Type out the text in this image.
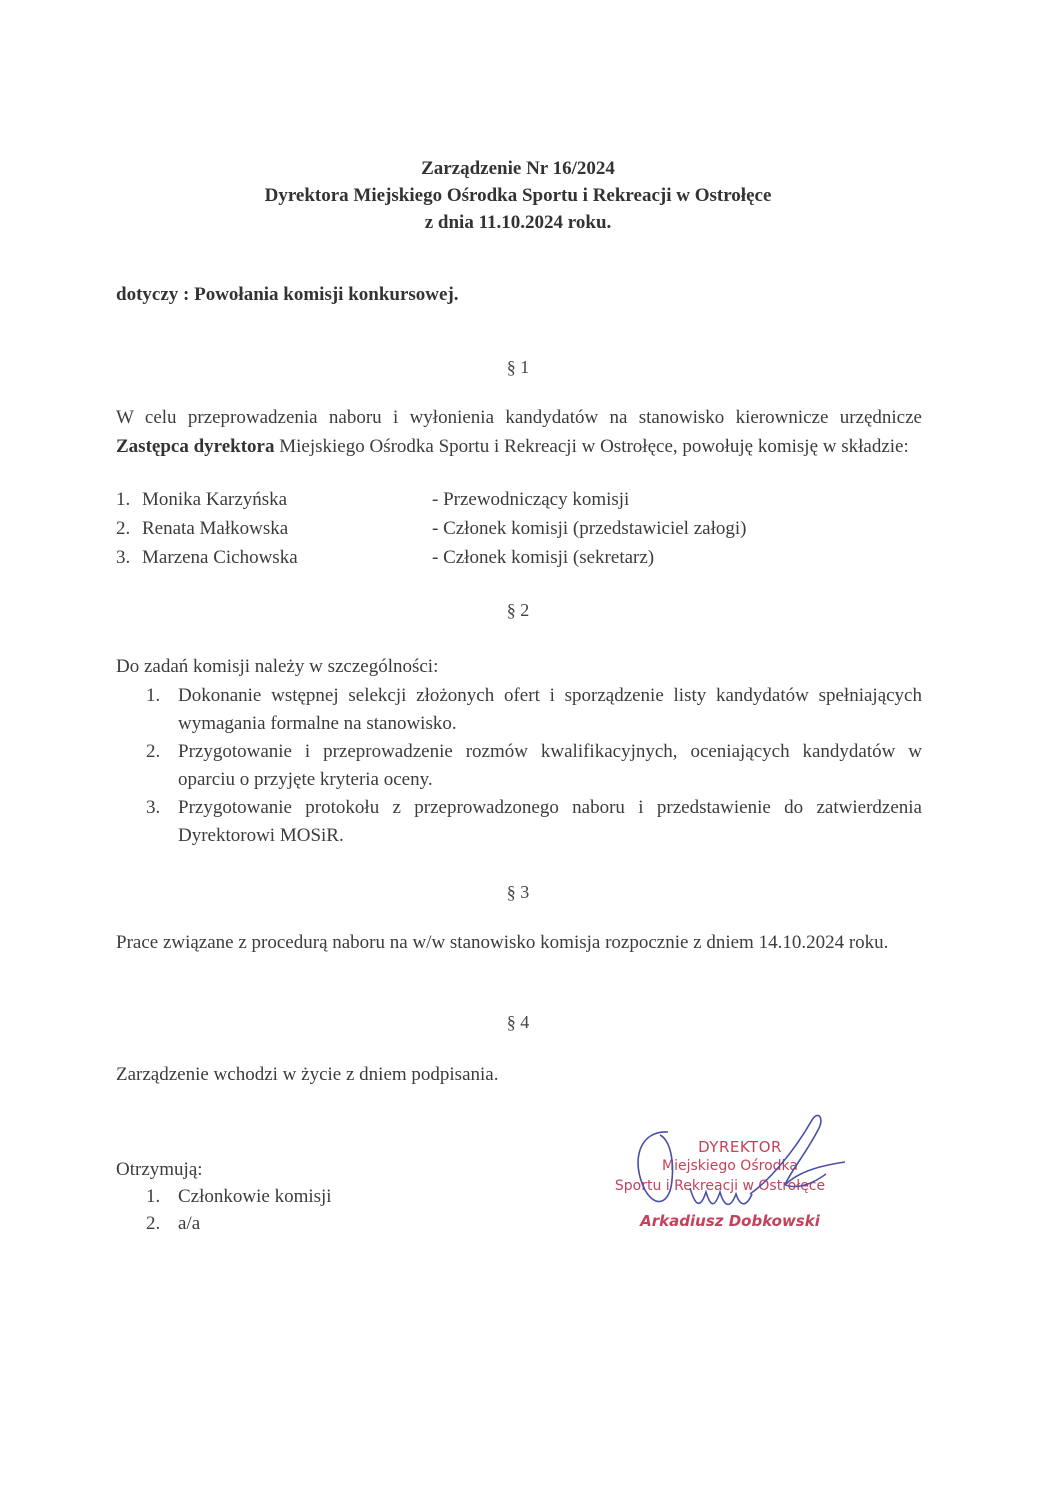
Zarządzenie Nr 16/2024
Dyrektora Miejskiego Ośrodka Sportu i Rekreacji w Ostrołęce
z dnia 11.10.2024 roku.
dotyczy : Powołania komisji konkursowej.
§ 1
W celu przeprowadzenia naboru i wyłonienia kandydatów na stanowisko kierownicze urzędnicze Zastępca dyrektora Miejskiego Ośrodka Sportu i Rekreacji w Ostrołęce, powołuję komisję w składzie:
1. Monika Karzyńska	- Przewodniczący komisji
2. Renata Małkowska	- Członek komisji (przedstawiciel załogi)
3. Marzena Cichowska	- Członek komisji (sekretarz)
§ 2
Do zadań komisji należy w szczególności:
1. Dokonanie wstępnej selekcji złożonych ofert i sporządzenie listy kandydatów spełniających wymagania formalne na stanowisko.
2. Przygotowanie i przeprowadzenie rozmów kwalifikacyjnych, oceniających kandydatów w oparciu o przyjęte kryteria oceny.
3. Przygotowanie protokołu z przeprowadzonego naboru i przedstawienie do zatwierdzenia Dyrektorowi MOSiR.
§ 3
Prace związane z procedurą naboru na w/w stanowisko komisja rozpocznie z dniem 14.10.2024 roku.
§ 4
Zarządzenie wchodzi w życie z dniem podpisania.
Otrzymują:
1. Członkowie komisji
2. a/a
DYREKTOR
Miejskiego Ośrodka
Sportu i Rekreacji w Ostrołęce
Arkadiusz Dobkowski
